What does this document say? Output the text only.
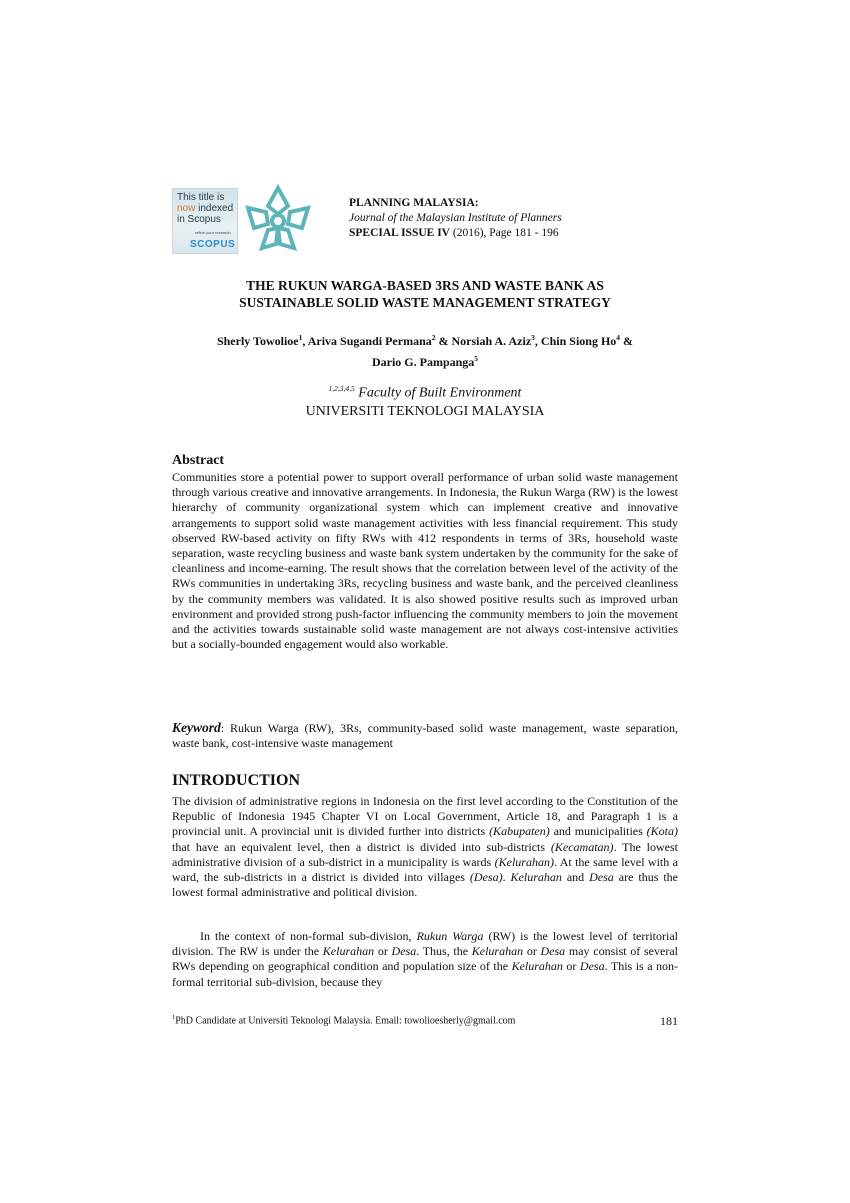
This title is
now indexed
in Scopus
refine your research
SCOPUS
PLANNING MALAYSIA:
Journal of the Malaysian Institute of Planners
SPECIAL ISSUE IV (2016), Page 181 - 196
THE RUKUN WARGA-BASED 3RS AND WASTE BANK AS
SUSTAINABLE SOLID WASTE MANAGEMENT STRATEGY
Sherly Towolioe$^1$, Ariva Sugandi Permana$^2$ & Norsiah A. Aziz$^3$, Chin Siong Ho$^4$ &
Dario G. Pampanga$^5$
$^{1,2,3,4,5}$ Faculty of Built Environment
UNIVERSITI TEKNOLOGI MALAYSIA
Abstract
Communities store a potential power to support overall performance of urban solid waste management through various creative and innovative arrangements. In Indonesia, the Rukun Warga (RW) is the lowest hierarchy of community organizational system which can implement creative and innovative arrangements to support solid waste management activities with less financial requirement. This study observed RW-based activity on fifty RWs with 412 respondents in terms of 3Rs, household waste separation, waste recycling business and waste bank system undertaken by the community for the sake of cleanliness and income-earning. The result shows that the correlation between level of the activity of the RWs communities in undertaking 3Rs, recycling business and waste bank, and the perceived cleanliness by the community members was validated. It is also showed positive results such as improved urban environment and provided strong push-factor influencing the community members to join the movement and the activities towards sustainable solid waste management are not always cost-intensive activities but a socially-bounded engagement would also workable.
Keyword: Rukun Warga (RW), 3Rs, community-based solid waste management, waste separation, waste bank, cost-intensive waste management
INTRODUCTION
The division of administrative regions in Indonesia on the first level according to the Constitution of the Republic of Indonesia 1945 Chapter VI on Local Government, Article 18, and Paragraph 1 is a provincial unit. A provincial unit is divided further into districts (Kabupaten) and municipalities (Kota) that have an equivalent level, then a district is divided into sub-districts (Kecamatan). The lowest administrative division of a sub-district in a municipality is wards (Kelurahan). At the same level with a ward, the sub-districts in a district is divided into villages (Desa). Kelurahan and Desa are thus the lowest formal administrative and political division.
In the context of non-formal sub-division, Rukun Warga (RW) is the lowest level of territorial division. The RW is under the Kelurahan or Desa. Thus, the Kelurahan or Desa may consist of several RWs depending on geographical condition and population size of the Kelurahan or Desa. This is a non-formal territorial sub-division, because they
$^1$PhD Candidate at Universiti Teknologi Malaysia. Email: towolioesherly@gmail.com	181
